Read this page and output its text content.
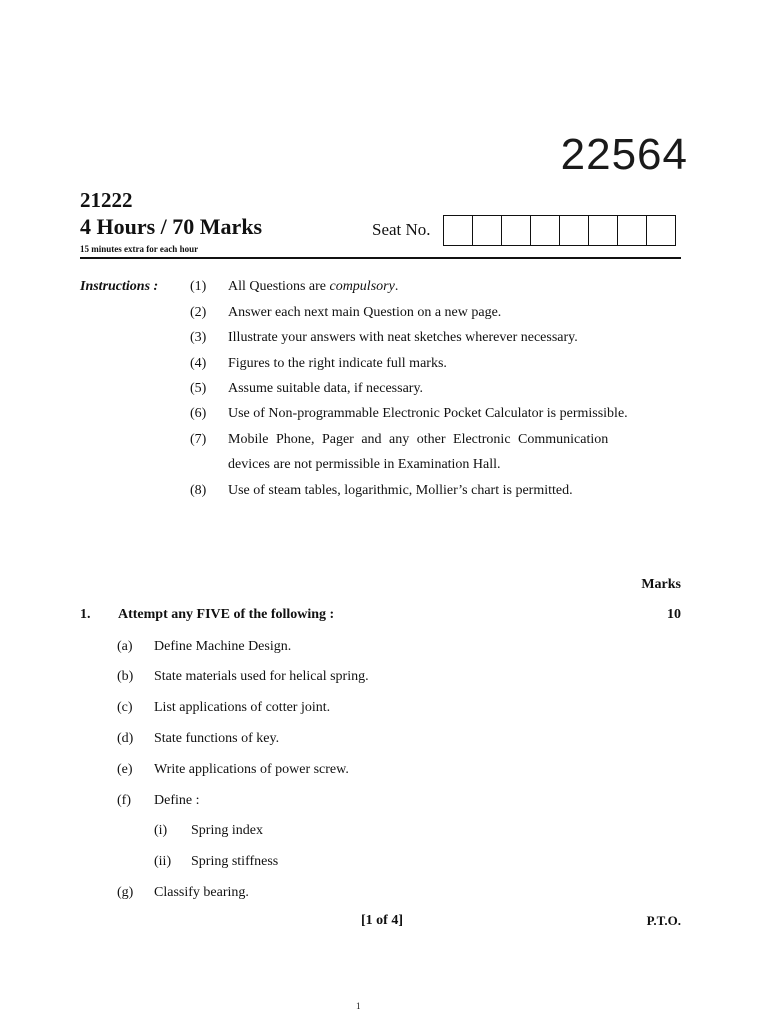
22564
21222
4 Hours / 70 Marks
15 minutes extra for each hour
Seat No.
Instructions : (1) All Questions are compulsory.
(2) Answer each next main Question on a new page.
(3) Illustrate your answers with neat sketches wherever necessary.
(4) Figures to the right indicate full marks.
(5) Assume suitable data, if necessary.
(6) Use of Non-programmable Electronic Pocket Calculator is permissible.
(7) Mobile Phone, Pager and any other Electronic Communication
devices are not permissible in Examination Hall.
(8) Use of steam tables, logarithmic, Mollier’s chart is permitted.
Marks
1. Attempt any FIVE of the following :	10
(a) Define Machine Design.
(b) State materials used for helical spring.
(c) List applications of cotter joint.
(d) State functions of key.
(e) Write applications of power screw.
(f) Define :
(i) Spring index
(ii) Spring stiffness
(g) Classify bearing.
[1 of 4]	P.T.O.
1
